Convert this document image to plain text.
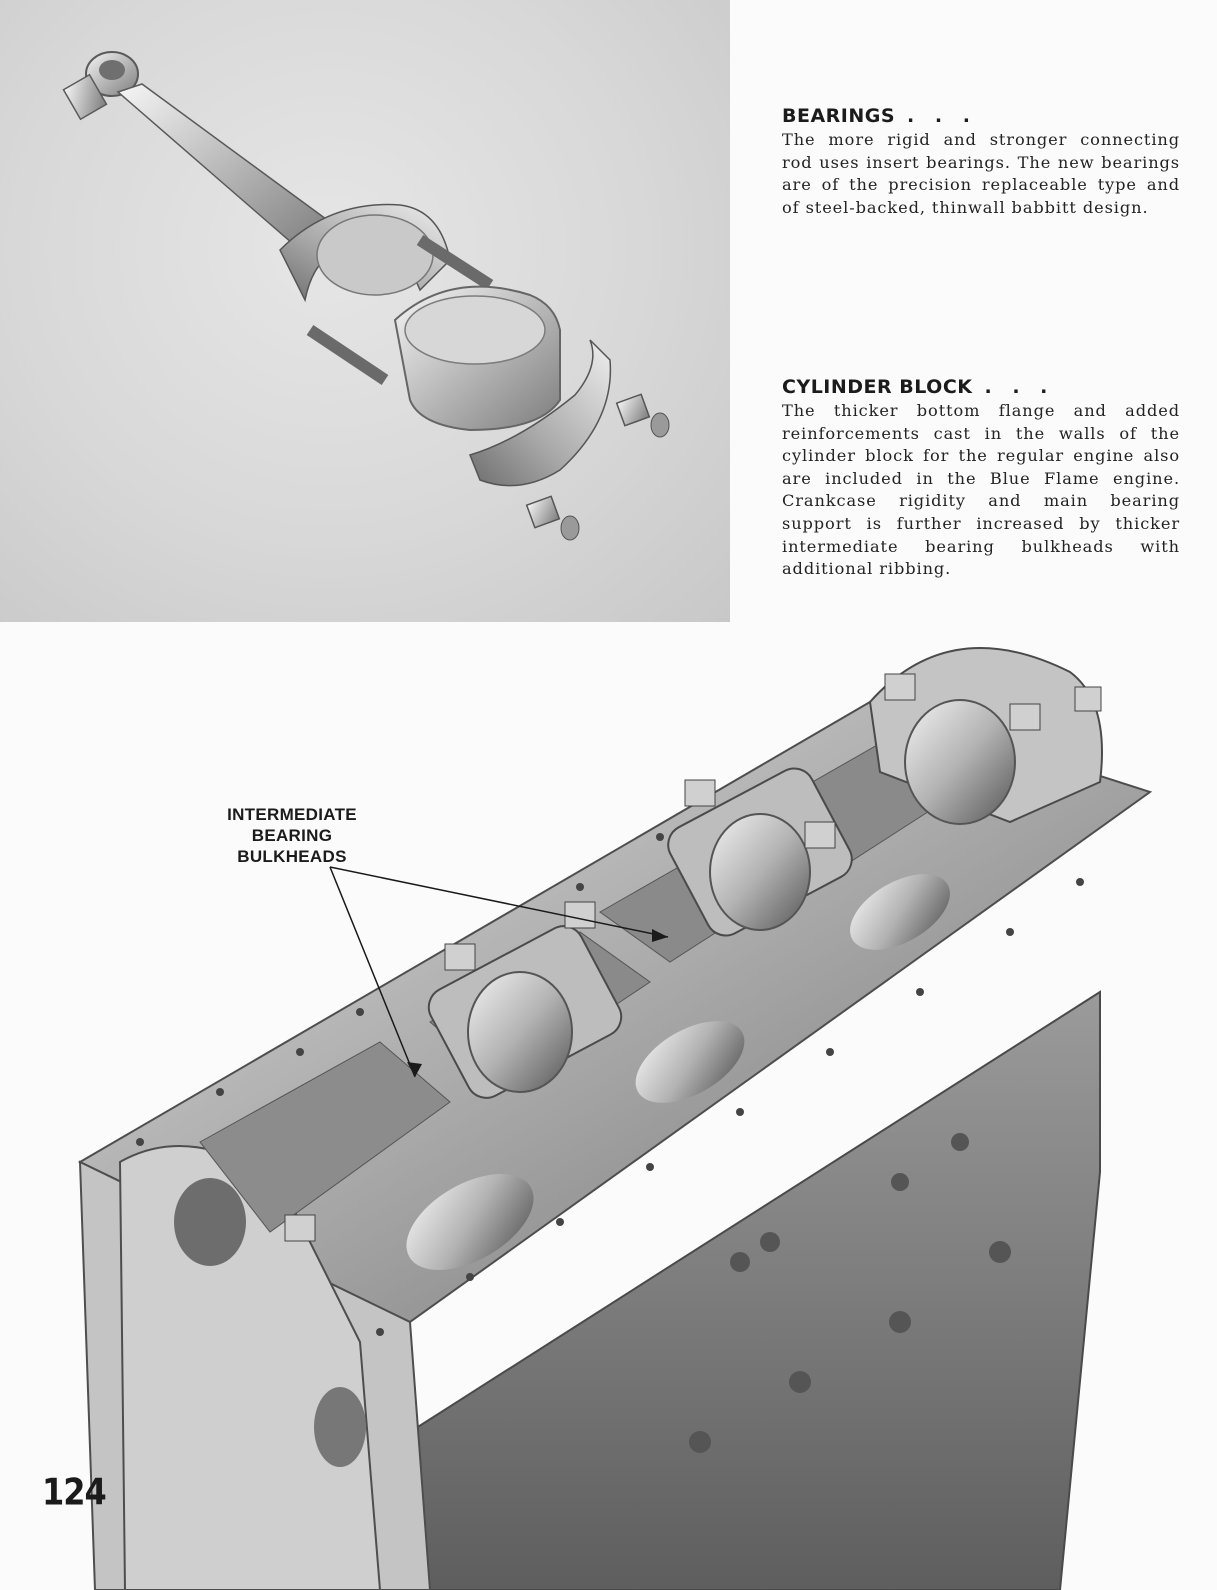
BEARINGS . . .

The more rigid and stronger connecting rod uses insert bearings. The new bearings are of the precision replaceable type and of steel-backed, thinwall babbitt design.

CYLINDER BLOCK . . .

The thicker bottom flange and added reinforcements cast in the walls of the cylinder block for the regular engine also are included in the Blue Flame engine. Crankcase rigidity and main bearing support is further increased by thicker intermediate bearing bulkheads with additional ribbing.

INTERMEDIATE
BEARING
BULKHEADS
124
